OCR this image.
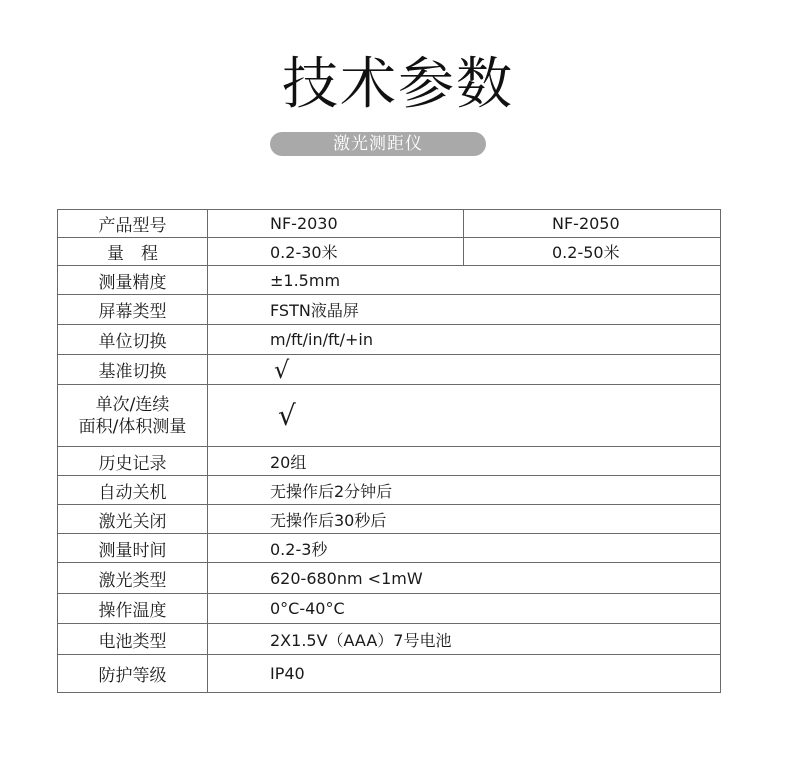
技术参数
激光测距仪
产品型号	NF-2030	NF-2050
量　程	0.2-30米	0.2-50米
测量精度	±1.5mm	
屏幕类型	FSTN液晶屏	
单位切换	m/ft/in/ft/+in	
基准切换	√	

单次/连续
面积/体积测量	√	
历史记录	20组	
自动关机	无操作后2分钟后	
激光关闭	无操作后30秒后	
测量时间	0.2-3秒	
激光类型	620-680nm <1mW	
操作温度	0°C-40°C	
电池类型	2X1.5V（AAA）7号电池	
防护等级	IP40	
